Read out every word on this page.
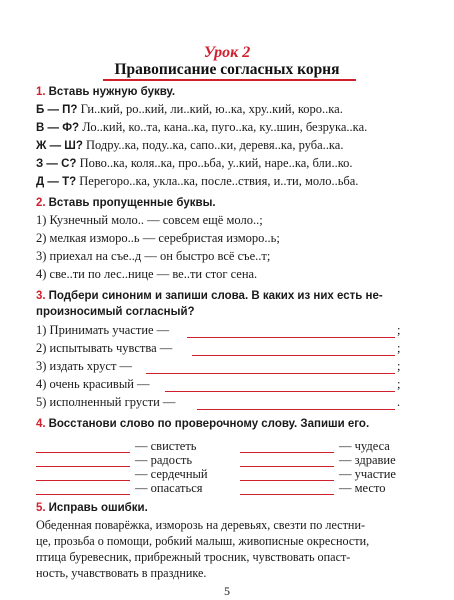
Урок 2
Правописание согласных корня
1. Вставь нужную букву.
Б — П? Ги..кий, ро..кий, ли..кий, ю..ка, хру..кий, коро..ка.
В — Ф? Ло..кий, ко..та, кана..ка, пуго..ка, ку..шин, безрука..ка.
Ж — Ш? Подру..ка, поду..ка, сапо..ки, деревя..ка, руба..ка.
З — С? Пово..ка, коля..ка, про..ьба, у..кий, наре..ка, бли..ко.
Д — Т? Перегоро..ка, укла..ка, после..ствия, и..ти, моло..ьба.
2. Вставь пропущенные буквы.
1) Кузнечный моло.. — совсем ещё моло..;
2) мелкая изморо..ь — серебристая изморо..ь;
3) приехал на съе..д — он быстро всё съе..т;
4) све..ти по лес..нице — ве..ти стог сена.
3. Подбери синоним и запиши слова. В каких из них есть не-
произносимый согласный?
1) Принимать участие —	;
2) испытывать чувства —	;
3) издать хруст —	;
4) очень красивый —	;
5) исполненный грусти —	.
4. Восстанови слово по проверочному слову. Запиши его.
— свистеть	— чудеса
— радость	— здравие
— сердечный	— участие
— опасаться	— место
5. Исправь ошибки.
Обеденная поварёжка, изморозь на деревьях, свезти по лестни-
це, прозьба о помощи, робкий малыш, живописные окресности,
птица буревесник, прибрежный тросник, чувствовать опаст-
ность, учавствовать в празднике.
5
